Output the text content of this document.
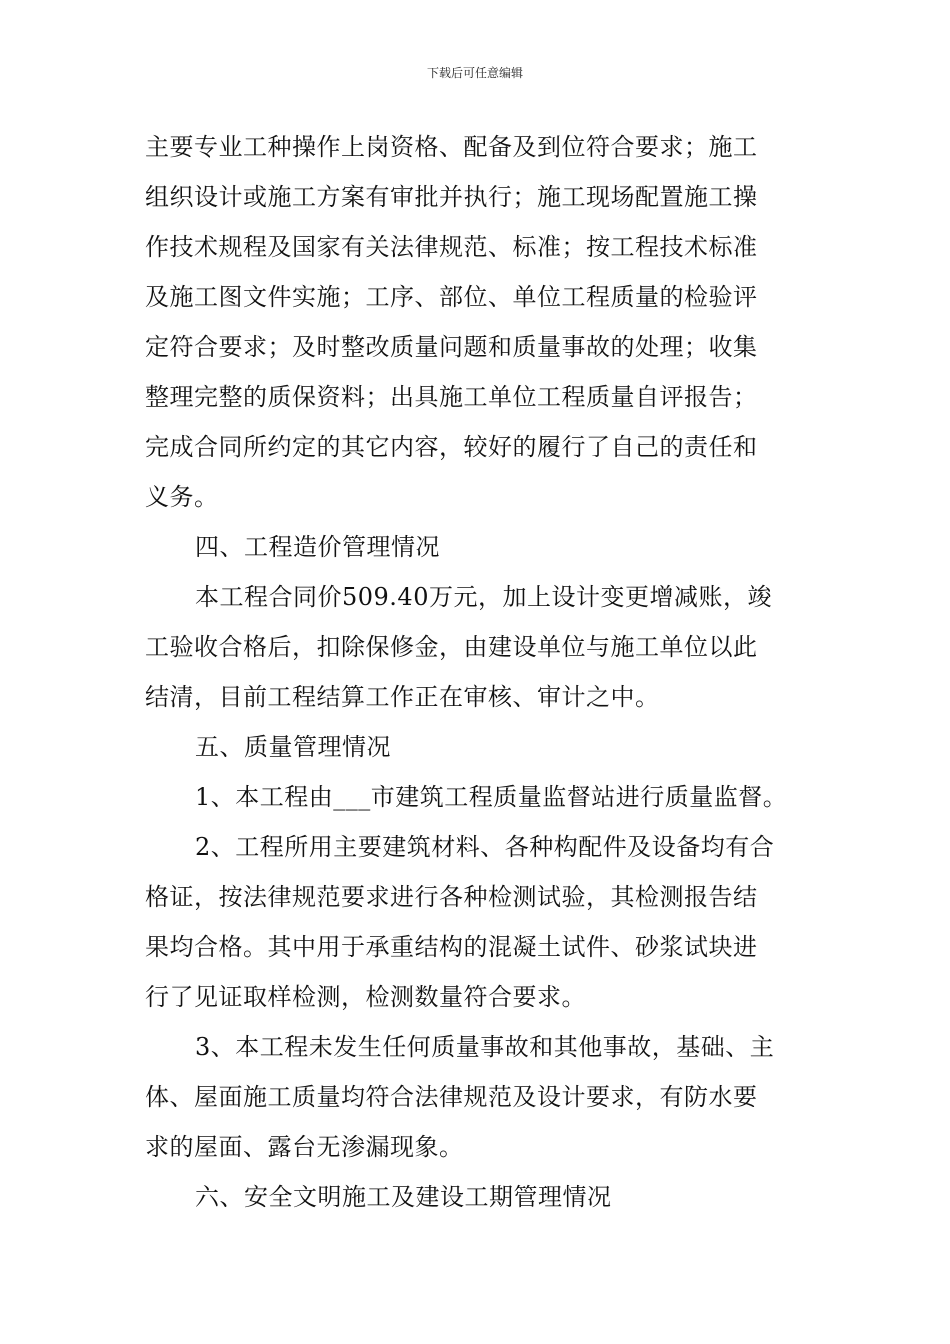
下载后可任意编辑
主要专业工种操作上岗资格、配备及到位符合要求；施工
组织设计或施工方案有审批并执行；施工现场配置施工操
作技术规程及国家有关法律规范、标准；按工程技术标准
及施工图文件实施；工序、部位、单位工程质量的检验评
定符合要求；及时整改质量问题和质量事故的处理；收集
整理完整的质保资料；出具施工单位工程质量自评报告；
完成合同所约定的其它内容，较好的履行了自己的责任和
义务。
四、工程造价管理情况
本工程合同价509.40万元，加上设计变更增减账，竣
工验收合格后，扣除保修金，由建设单位与施工单位以此
结清，目前工程结算工作正在审核、审计之中。
五、质量管理情况
1、本工程由___市建筑工程质量监督站进行质量监督。
2、工程所用主要建筑材料、各种构配件及设备均有合
格证，按法律规范要求进行各种检测试验，其检测报告结
果均合格。其中用于承重结构的混凝土试件、砂浆试块进
行了见证取样检测，检测数量符合要求。
3、本工程未发生任何质量事故和其他事故，基础、主
体、屋面施工质量均符合法律规范及设计要求，有防水要
求的屋面、露台无渗漏现象。
六、安全文明施工及建设工期管理情况
